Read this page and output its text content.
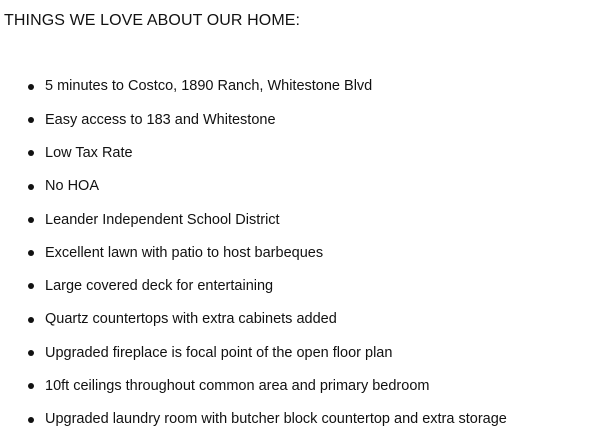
THINGS WE LOVE ABOUT OUR HOME:
5 minutes to Costco, 1890 Ranch, Whitestone Blvd
Easy access to 183 and Whitestone
Low Tax Rate
No HOA
Leander Independent School District
Excellent lawn with patio to host barbeques
Large covered deck for entertaining
Quartz countertops with extra cabinets added
Upgraded fireplace is focal point of the open floor plan
10ft ceilings throughout common area and primary bedroom
Upgraded laundry room with butcher block countertop and extra storage
